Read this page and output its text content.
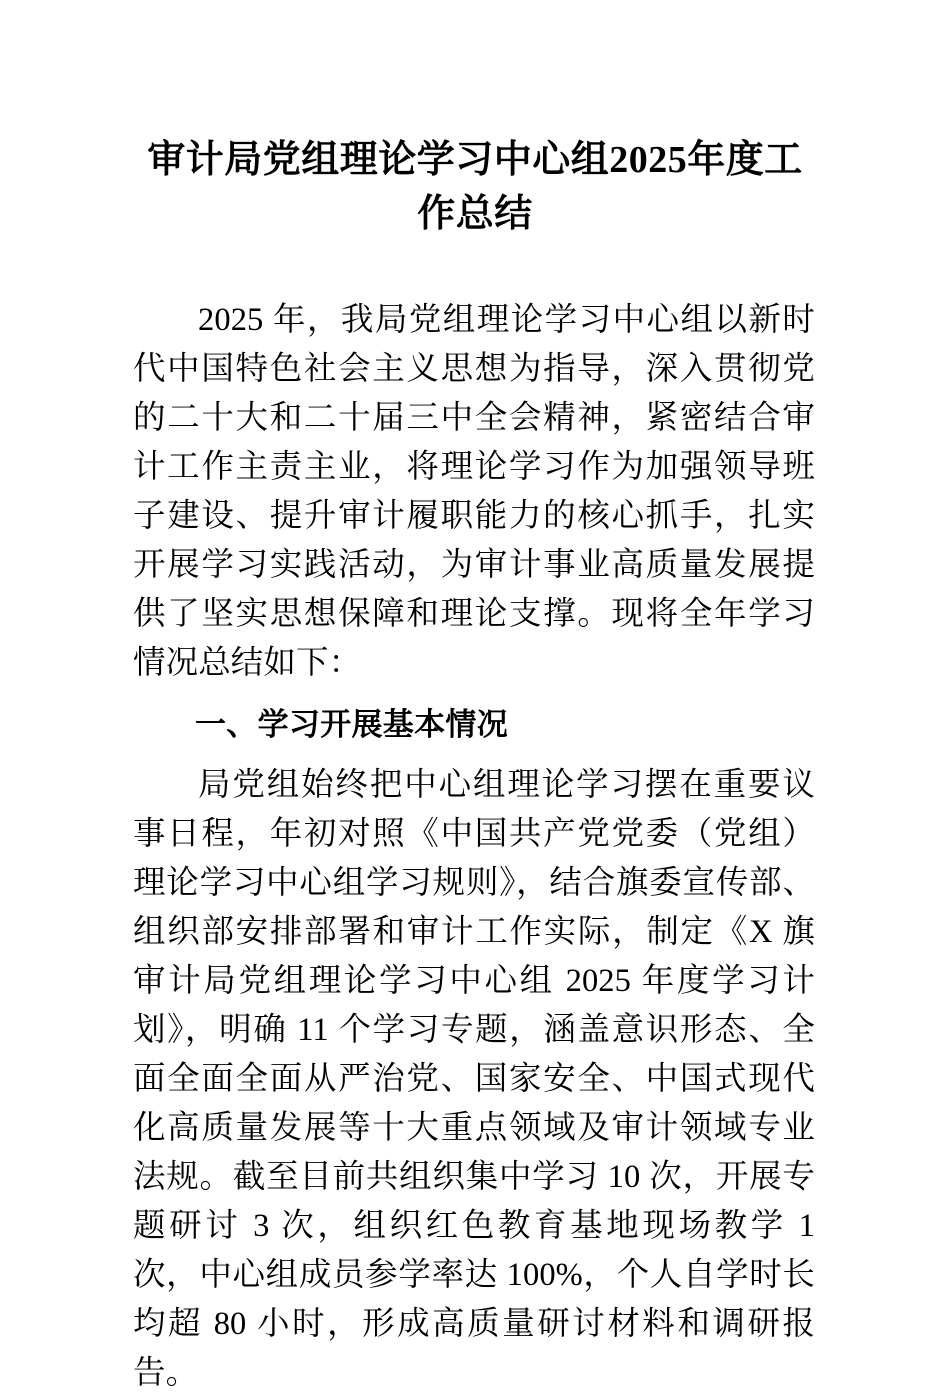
审计局党组理论学习中心组2025年度工作总结

2025 年，我局党组理论学习中心组以新时代中国特色社会主义思想为指导，深入贯彻党的二十大和二十届三中全会精神，紧密结合审计工作主责主业，将理论学习作为加强领导班子建设、提升审计履职能力的核心抓手，扎实开展学习实践活动，为审计事业高质量发展提供了坚实思想保障和理论支撑。现将全年学习情况总结如下：

一、学习开展基本情况

局党组始终把中心组理论学习摆在重要议事日程，年初对照《中国共产党党委（党组）理论学习中心组学习规则》，结合旗委宣传部、组织部安排部署和审计工作实际，制定《X 旗审计局党组理论学习中心组 2025 年度学习计划》，明确 11 个学习专题，涵盖意识形态、全面全面全面从严治党、国家安全、中国式现代化高质量发展等十大重点领域及审计领域专业法规。截至目前共组织集中学习 10 次，开展专题研讨 3 次，组织红色教育基地现场教学 1 次，中心组成员参学率达 100%，个人自学时长均超 80 小时，形成高质量研讨材料和调研报告。
